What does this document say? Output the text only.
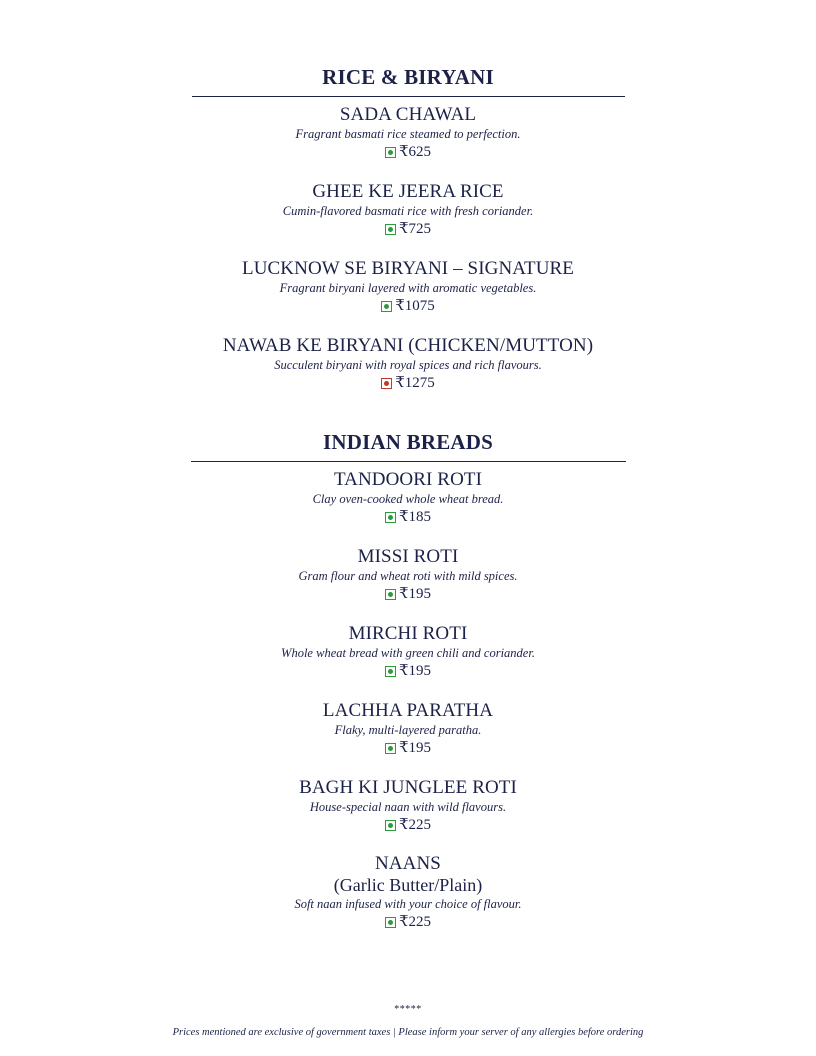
RICE & BIRYANI
SADA CHAWAL
Fragrant basmati rice steamed to perfection.
₹625
GHEE KE JEERA RICE
Cumin-flavored basmati rice with fresh coriander.
₹725
LUCKNOW SE BIRYANI – SIGNATURE
Fragrant biryani layered with aromatic vegetables.
₹1075
NAWAB KE BIRYANI (CHICKEN/MUTTON)
Succulent biryani with royal spices and rich flavours.
₹1275
INDIAN BREADS
TANDOORI ROTI
Clay oven-cooked whole wheat bread.
₹185
MISSI ROTI
Gram flour and wheat roti with mild spices.
₹195
MIRCHI ROTI
Whole wheat bread with green chili and coriander.
₹195
LACHHA PARATHA
Flaky, multi-layered paratha.
₹195
BAGH KI JUNGLEE ROTI
House-special naan with wild flavours.
₹225
NAANS
(Garlic Butter/Plain)
Soft naan infused with your choice of flavour.
₹225
*****
Prices mentioned are exclusive of government taxes | Please inform your server of any allergies before ordering
